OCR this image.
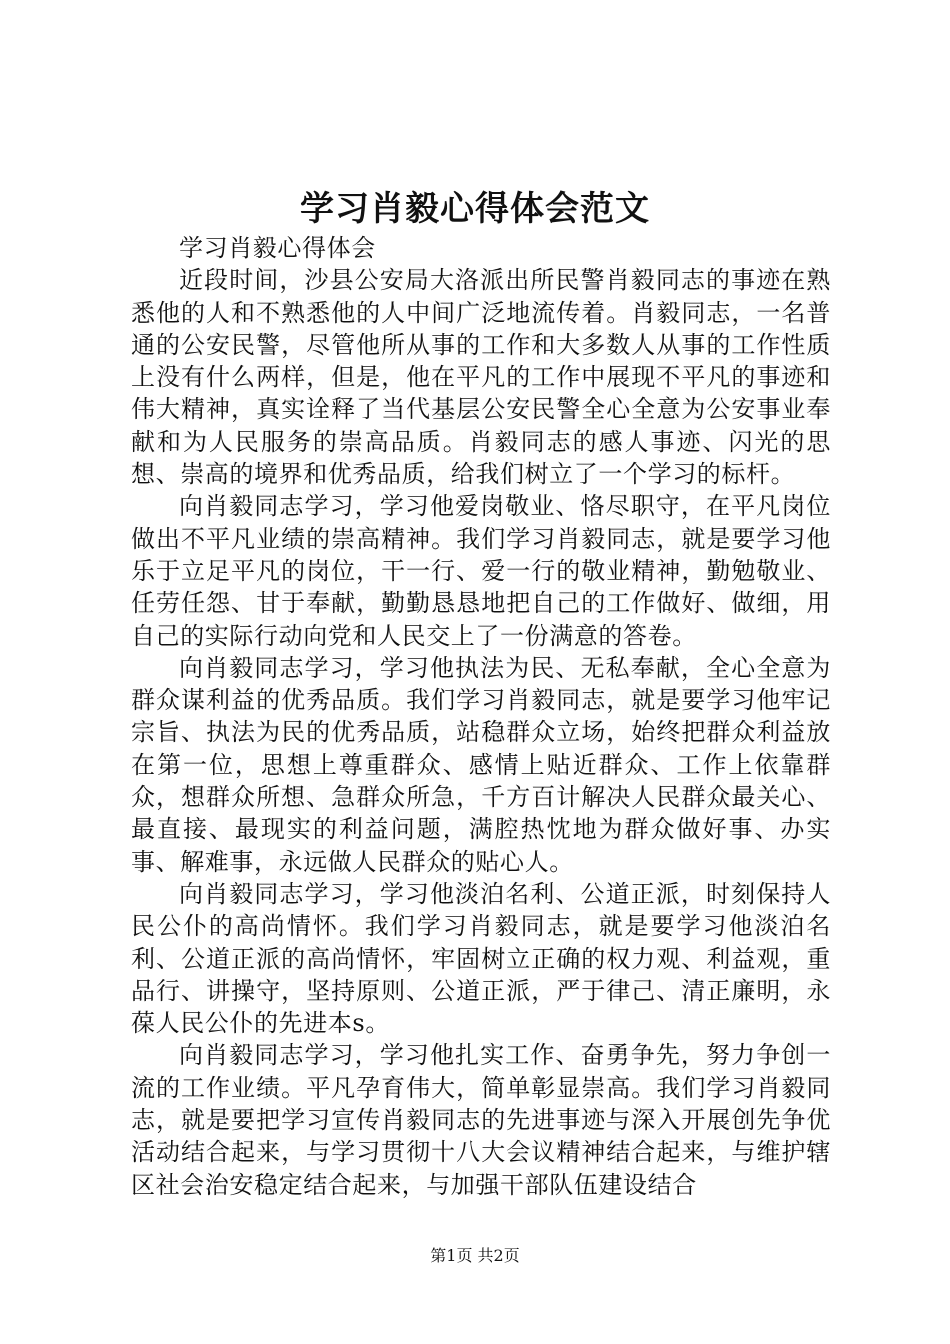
学习肖毅心得体会范文

学习肖毅心得体会

近段时间，沙县公安局大洛派出所民警肖毅同志的事迹在熟悉他的人和不熟悉他的人中间广泛地流传着。肖毅同志，一名普通的公安民警，尽管他所从事的工作和大多数人从事的工作性质上没有什么两样，但是，他在平凡的工作中展现不平凡的事迹和伟大精神，真实诠释了当代基层公安民警全心全意为公安事业奉献和为人民服务的崇高品质。肖毅同志的感人事迹、闪光的思想、崇高的境界和优秀品质，给我们树立了一个学习的标杆。

向肖毅同志学习，学习他爱岗敬业、恪尽职守，在平凡岗位做出不平凡业绩的崇高精神。我们学习肖毅同志，就是要学习他乐于立足平凡的岗位，干一行、爱一行的敬业精神，勤勉敬业、任劳任怨、甘于奉献，勤勤恳恳地把自己的工作做好、做细，用自己的实际行动向党和人民交上了一份满意的答卷。

向肖毅同志学习，学习他执法为民、无私奉献，全心全意为群众谋利益的优秀品质。我们学习肖毅同志，就是要学习他牢记宗旨、执法为民的优秀品质，站稳群众立场，始终把群众利益放在第一位，思想上尊重群众、感情上贴近群众、工作上依靠群众，想群众所想、急群众所急，千方百计解决人民群众最关心、最直接、最现实的利益问题，满腔热忱地为群众做好事、办实事、解难事，永远做人民群众的贴心人。

向肖毅同志学习，学习他淡泊名利、公道正派，时刻保持人民公仆的高尚情怀。我们学习肖毅同志，就是要学习他淡泊名利、公道正派的高尚情怀，牢固树立正确的权力观、利益观，重品行、讲操守，坚持原则、公道正派，严于律己、清正廉明，永葆人民公仆的先进本s。

向肖毅同志学习，学习他扎实工作、奋勇争先，努力争创一流的工作业绩。平凡孕育伟大，简单彰显崇高。我们学习肖毅同志，就是要把学习宣传肖毅同志的先进事迹与深入开展创先争优活动结合起来，与学习贯彻十八大会议精神结合起来，与维护辖区社会治安稳定结合起来，与加强干部队伍建设结合

第1页 共2页
